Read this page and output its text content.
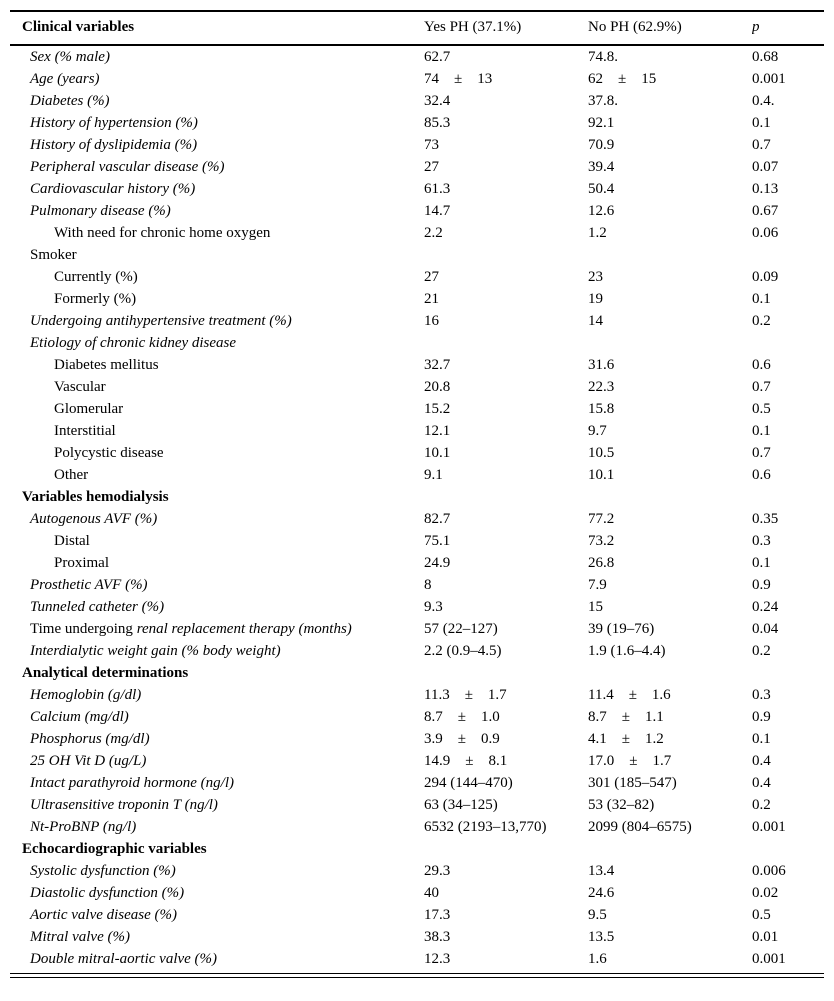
Clinical variables	Yes PH (37.1%)	No PH (62.9%)	p
Sex (% male)	62.7	74.8.	0.68
Age (years)	74    ±    13	62    ±    15	0.001
Diabetes (%)	32.4	37.8.	0.4.
History of hypertension (%)	85.3	92.1	0.1
History of dyslipidemia (%)	73	70.9	0.7
Peripheral vascular disease (%)	27	39.4	0.07
Cardiovascular history (%)	61.3	50.4	0.13
Pulmonary disease (%)	14.7	12.6	0.67
With need for chronic home oxygen	2.2	1.2	0.06
Smoker
Currently (%)	27	23	0.09
Formerly (%)	21	19	0.1
Undergoing antihypertensive treatment (%)	16	14	0.2
Etiology of chronic kidney disease
Diabetes mellitus	32.7	31.6	0.6
Vascular	20.8	22.3	0.7
Glomerular	15.2	15.8	0.5
Interstitial	12.1	9.7	0.1
Polycystic disease	10.1	10.5	0.7
Other	9.1	10.1	0.6
Variables hemodialysis
Autogenous AVF (%)	82.7	77.2	0.35
Distal	75.1	73.2	0.3
Proximal	24.9	26.8	0.1
Prosthetic AVF (%)	8	7.9	0.9
Tunneled catheter (%)	9.3	15	0.24
Time undergoing renal replacement therapy (months)	57 (22–127)	39 (19–76)	0.04
Interdialytic weight gain (% body weight)	2.2 (0.9–4.5)	1.9 (1.6–4.4)	0.2
Analytical determinations
Hemoglobin (g/dl)	11.3    ±    1.7	11.4    ±    1.6	0.3
Calcium (mg/dl)	8.7    ±    1.0	8.7    ±    1.1	0.9
Phosphorus (mg/dl)	3.9    ±    0.9	4.1    ±    1.2	0.1
25 OH Vit D (ug/L)	14.9    ±    8.1	17.0    ±    1.7	0.4
Intact parathyroid hormone (ng/l)	294 (144–470)	301 (185–547)	0.4
Ultrasensitive troponin T (ng/l)	63 (34–125)	53 (32–82)	0.2
Nt-ProBNP (ng/l)	6532 (2193–13,770)	2099 (804–6575)	0.001
Echocardiographic variables
Systolic dysfunction (%)	29.3	13.4	0.006
Diastolic dysfunction (%)	40	24.6	0.02
Aortic valve disease (%)	17.3	9.5	0.5
Mitral valve (%)	38.3	13.5	0.01
Double mitral-aortic valve (%)	12.3	1.6	0.001
